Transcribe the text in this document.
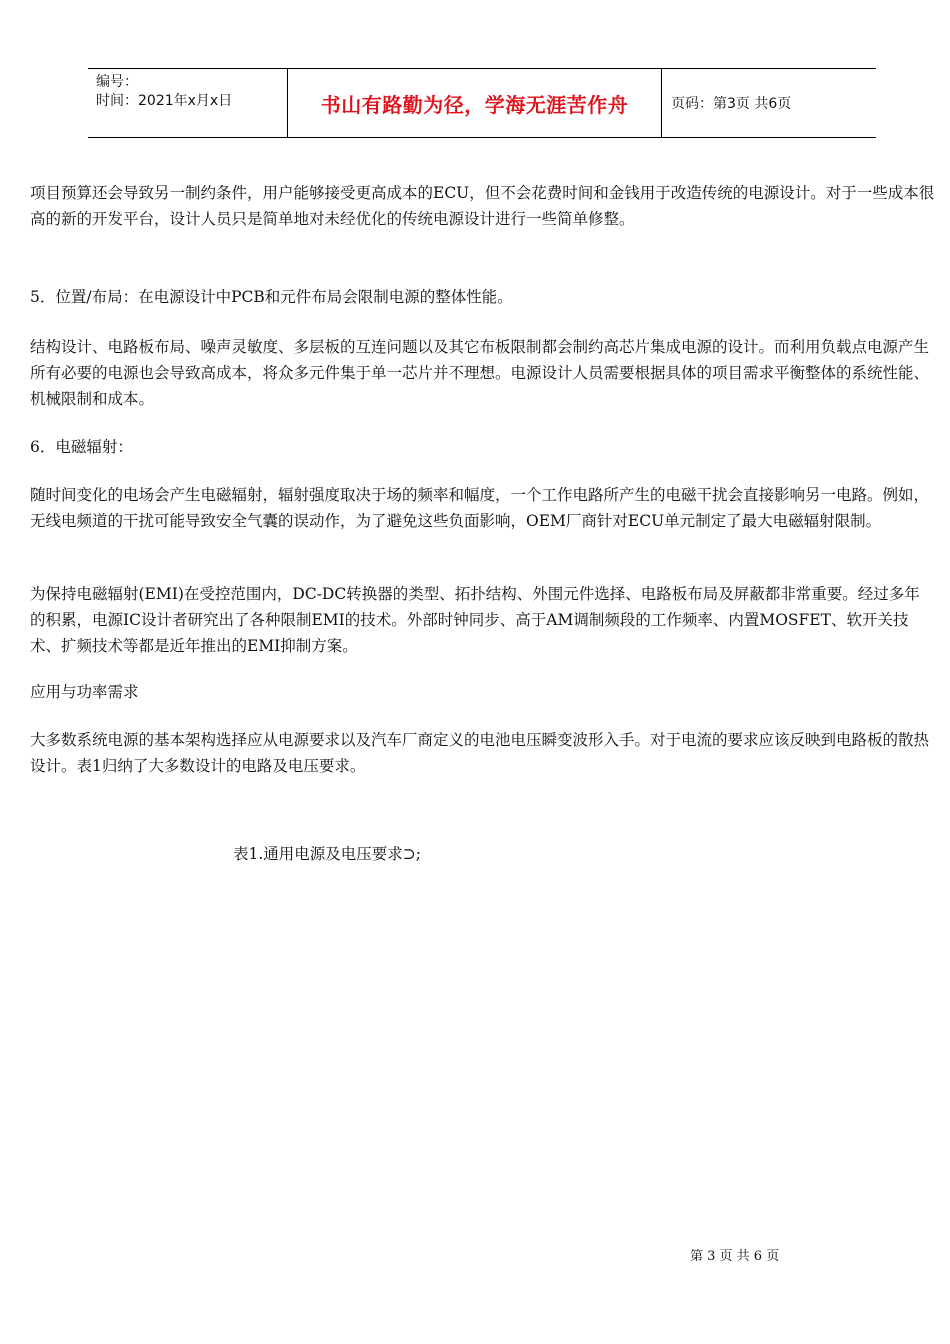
编号：
时间：2021年x月x日	书山有路勤为径，学海无涯苦作舟	页码：第3页 共6页

项目预算还会导致另一制约条件，用户能够接受更高成本的ECU，但不会花费时间和金钱用于改造传统的电源设计。对于一些成本很高的新的开发平台，设计人员只是简单地对未经优化的传统电源设计进行一些简单修整。

5．位置/布局：在电源设计中PCB和元件布局会限制电源的整体性能。

结构设计、电路板布局、噪声灵敏度、多层板的互连问题以及其它布板限制都会制约高芯片集成电源的设计。而利用负载点电源产生所有必要的电源也会导致高成本，将众多元件集于单一芯片并不理想。电源设计人员需要根据具体的项目需求平衡整体的系统性能、机械限制和成本。

6．电磁辐射：

随时间变化的电场会产生电磁辐射，辐射强度取决于场的频率和幅度，一个工作电路所产生的电磁干扰会直接影响另一电路。例如，无线电频道的干扰可能导致安全气囊的误动作，为了避免这些负面影响，OEM厂商针对ECU单元制定了最大电磁辐射限制。

为保持电磁辐射(EMI)在受控范围内，DC-DC转换器的类型、拓扑结构、外围元件选择、电路板布局及屏蔽都非常重要。经过多年的积累，电源IC设计者研究出了各种限制EMI的技术。外部时钟同步、高于AM调制频段的工作频率、内置MOSFET、软开关技术、扩频技术等都是近年推出的EMI抑制方案。

应用与功率需求

大多数系统电源的基本架构选择应从电源要求以及汽车厂商定义的电池电压瞬变波形入手。对于电流的要求应该反映到电路板的散热设计。表1归纳了大多数设计的电路及电压要求。

表1.通用电源及电压要求⊃;
第 3 页 共 6 页
